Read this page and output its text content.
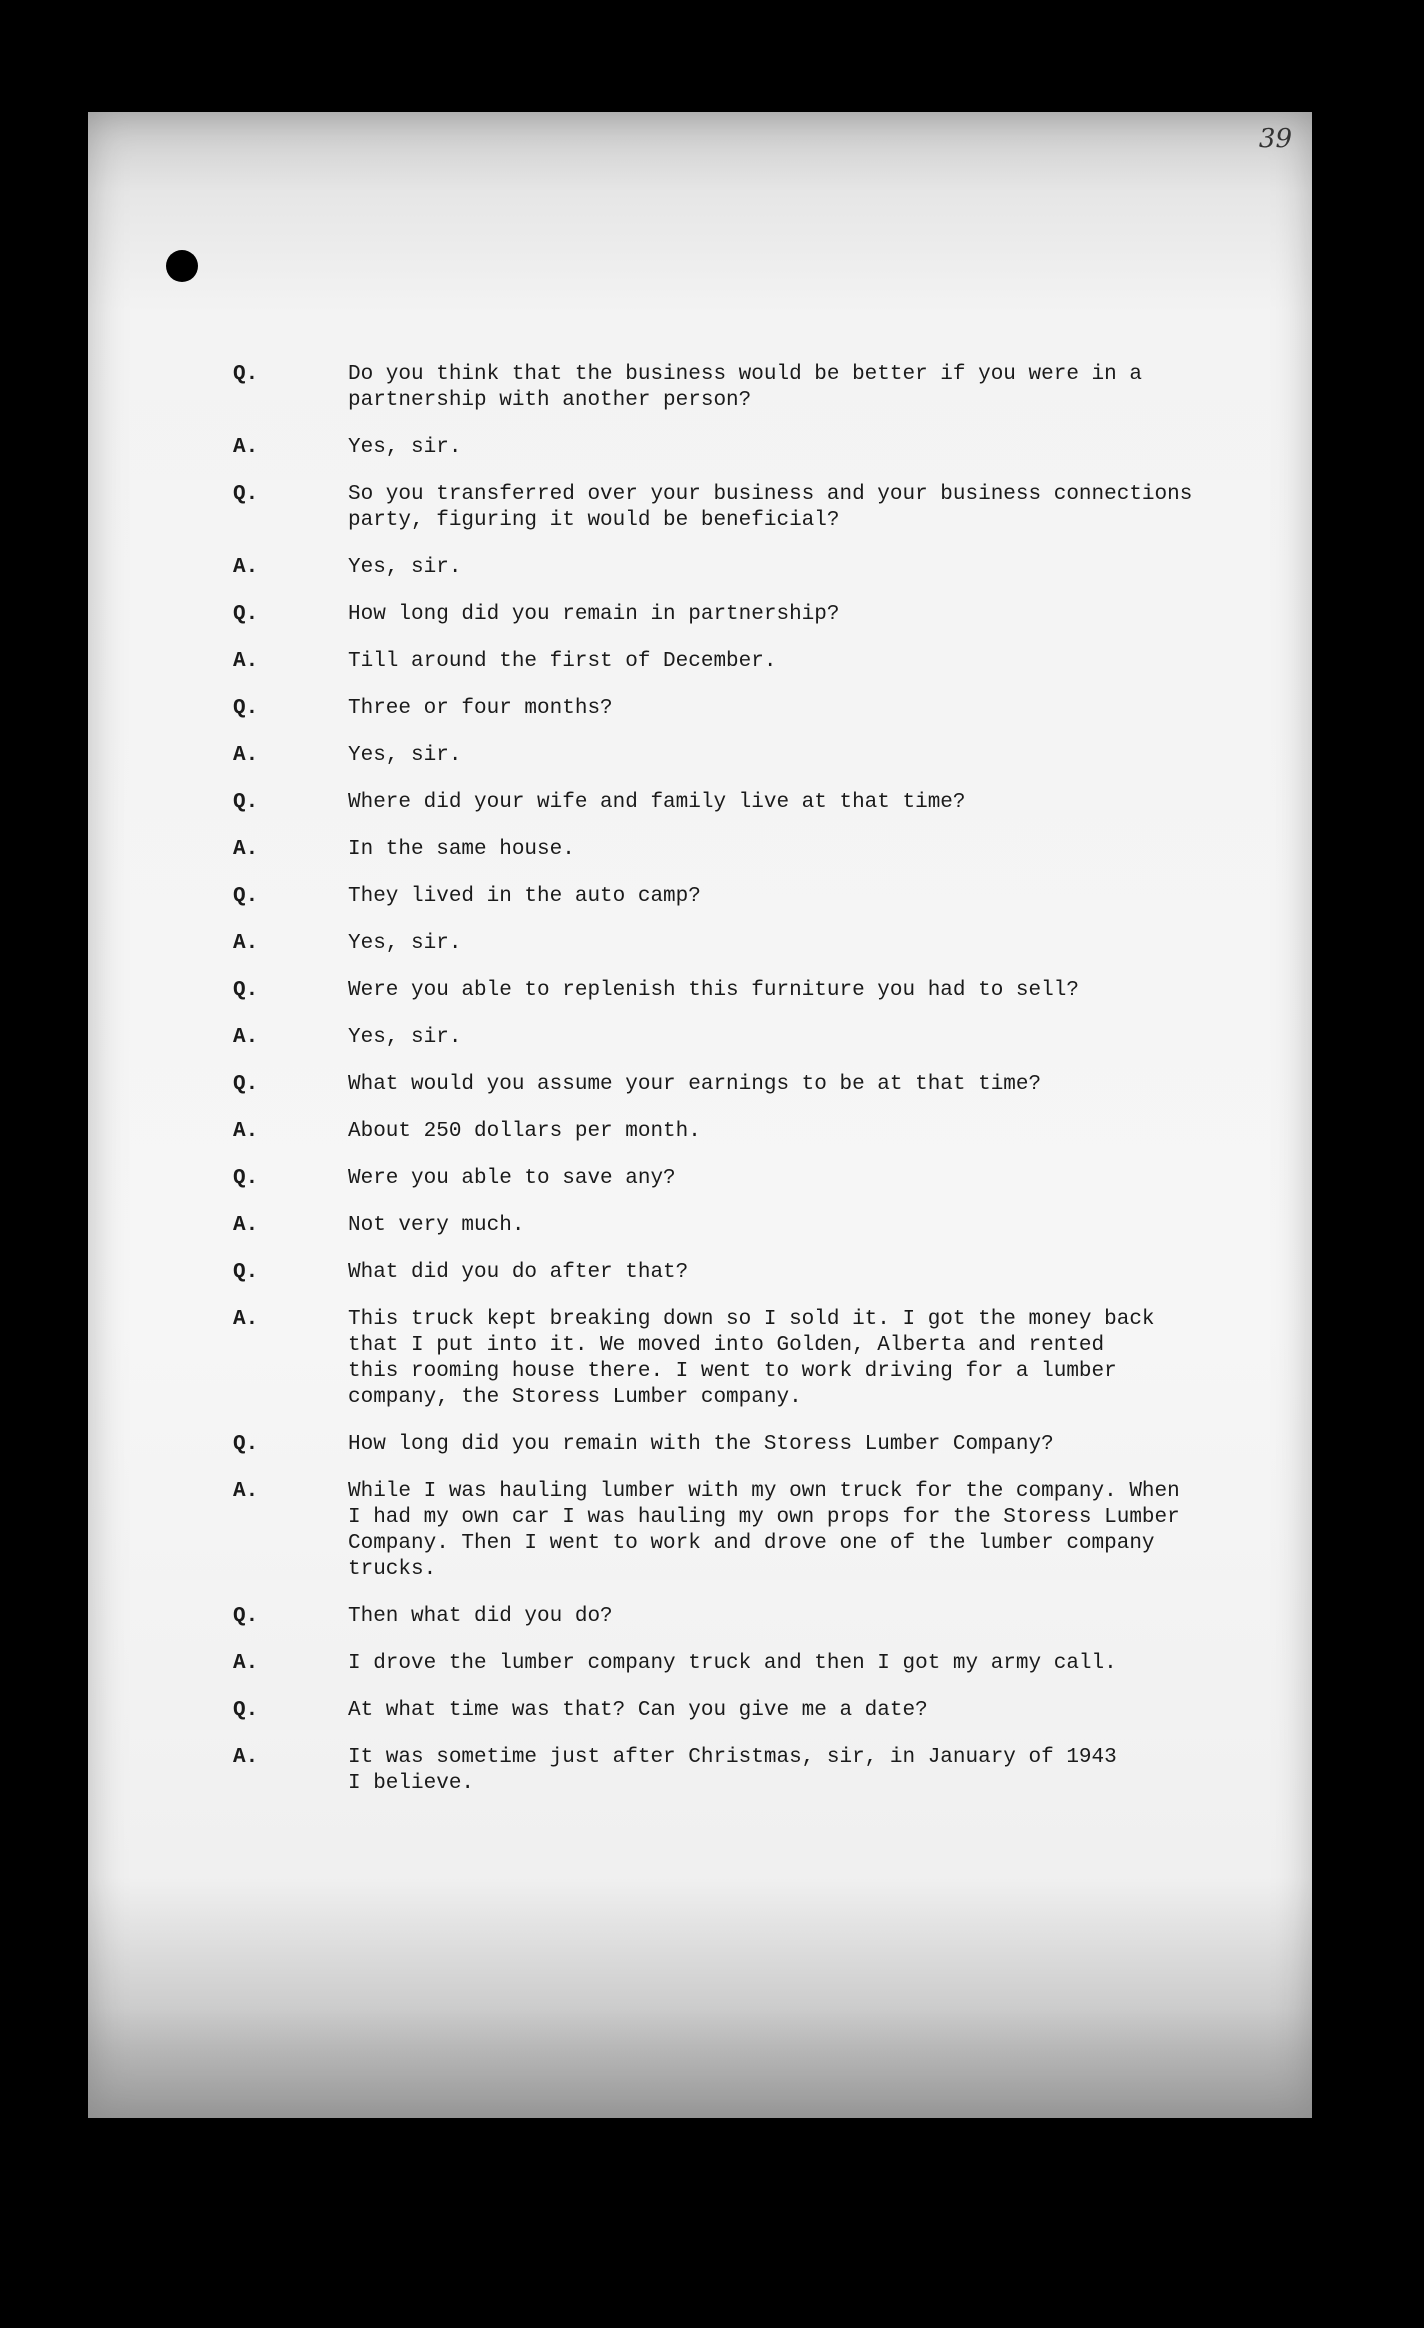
39
Q.	Do you think that the business would be better if you were in a
partnership with another person?
A.	Yes, sir.
Q.	So you transferred over your business and your business connections
party, figuring it would be beneficial?
A.	Yes, sir.
Q.	How long did you remain in partnership?
A.	Till around the first of December.
Q.	Three or four months?
A.	Yes, sir.
Q.	Where did your wife and family live at that time?
A.	In the same house.
Q.	They lived in the auto camp?
A.	Yes, sir.
Q.	Were you able to replenish this furniture you had to sell?
A.	Yes, sir.
Q.	What would you assume your earnings to be at that time?
A.	About 250 dollars per month.
Q.	Were you able to save any?
A.	Not very much.
Q.	What did you do after that?
A.	This truck kept breaking down so I sold it. I got the money back
that I put into it. We moved into Golden, Alberta and rented
this rooming house there. I went to work driving for a lumber
company, the Storess Lumber company.
Q.	How long did you remain with the Storess Lumber Company?
A.	While I was hauling lumber with my own truck for the company. When
I had my own car I was hauling my own props for the Storess Lumber
Company. Then I went to work and drove one of the lumber company
trucks.
Q.	Then what did you do?
A.	I drove the lumber company truck and then I got my army call.
Q.	At what time was that? Can you give me a date?
A.	It was sometime just after Christmas, sir, in January of 1943
I believe.
